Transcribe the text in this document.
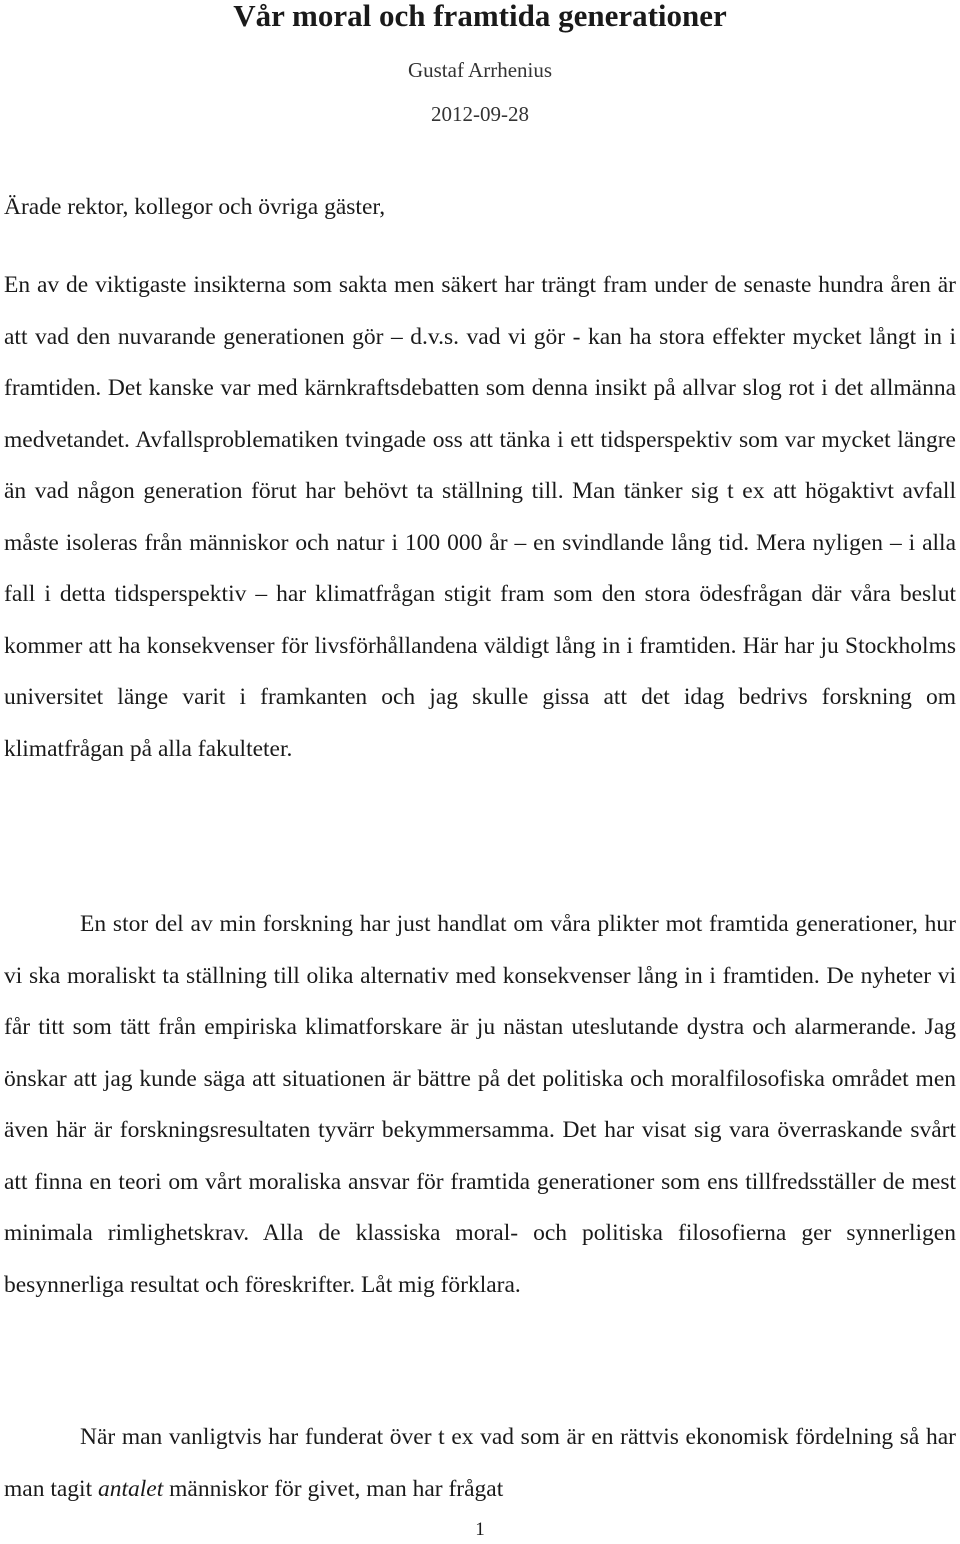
Vår moral och framtida generationer
Gustaf Arrhenius
2012-09-28

Ärade rektor, kollegor och övriga gäster,

En av de viktigaste insikterna som sakta men säkert har trängt fram under de senaste hundra åren är att vad den nuvarande generationen gör – d.v.s. vad vi gör - kan ha stora effekter mycket långt in i framtiden. Det kanske var med kärnkraftsdebatten som denna insikt på allvar slog rot i det allmänna medvetandet. Avfallsproblematiken tvingade oss att tänka i ett tidsperspektiv som var mycket längre än vad någon generation förut har behövt ta ställning till. Man tänker sig t ex att högaktivt avfall måste isoleras från människor och natur i 100 000 år – en svindlande lång tid. Mera nyligen – i alla fall i detta tidsperspektiv – har klimatfrågan stigit fram som den stora ödesfrågan där våra beslut kommer att ha konsekvenser för livsförhållandena väldigt lång in i framtiden. Här har ju Stockholms universitet länge varit i framkanten och jag skulle gissa att det idag bedrivs forskning om klimatfrågan på alla fakulteter.

En stor del av min forskning har just handlat om våra plikter mot framtida generationer, hur vi ska moraliskt ta ställning till olika alternativ med konsekvenser lång in i framtiden. De nyheter vi får titt som tätt från empiriska klimatforskare är ju nästan uteslutande dystra och alarmerande. Jag önskar att jag kunde säga att situationen är bättre på det politiska och moralfilosofiska området men även här är forskningsresultaten tyvärr bekymmersamma. Det har visat sig vara överraskande svårt att finna en teori om vårt moraliska ansvar för framtida generationer som ens tillfredsställer de mest minimala rimlighetskrav. Alla de klassiska moral- och politiska filosofierna ger synnerligen besynnerliga resultat och föreskrifter. Låt mig förklara.

När man vanligtvis har funderat över t ex vad som är en rättvis ekonomisk fördelning så har man tagit antalet människor för givet, man har frågat

1
